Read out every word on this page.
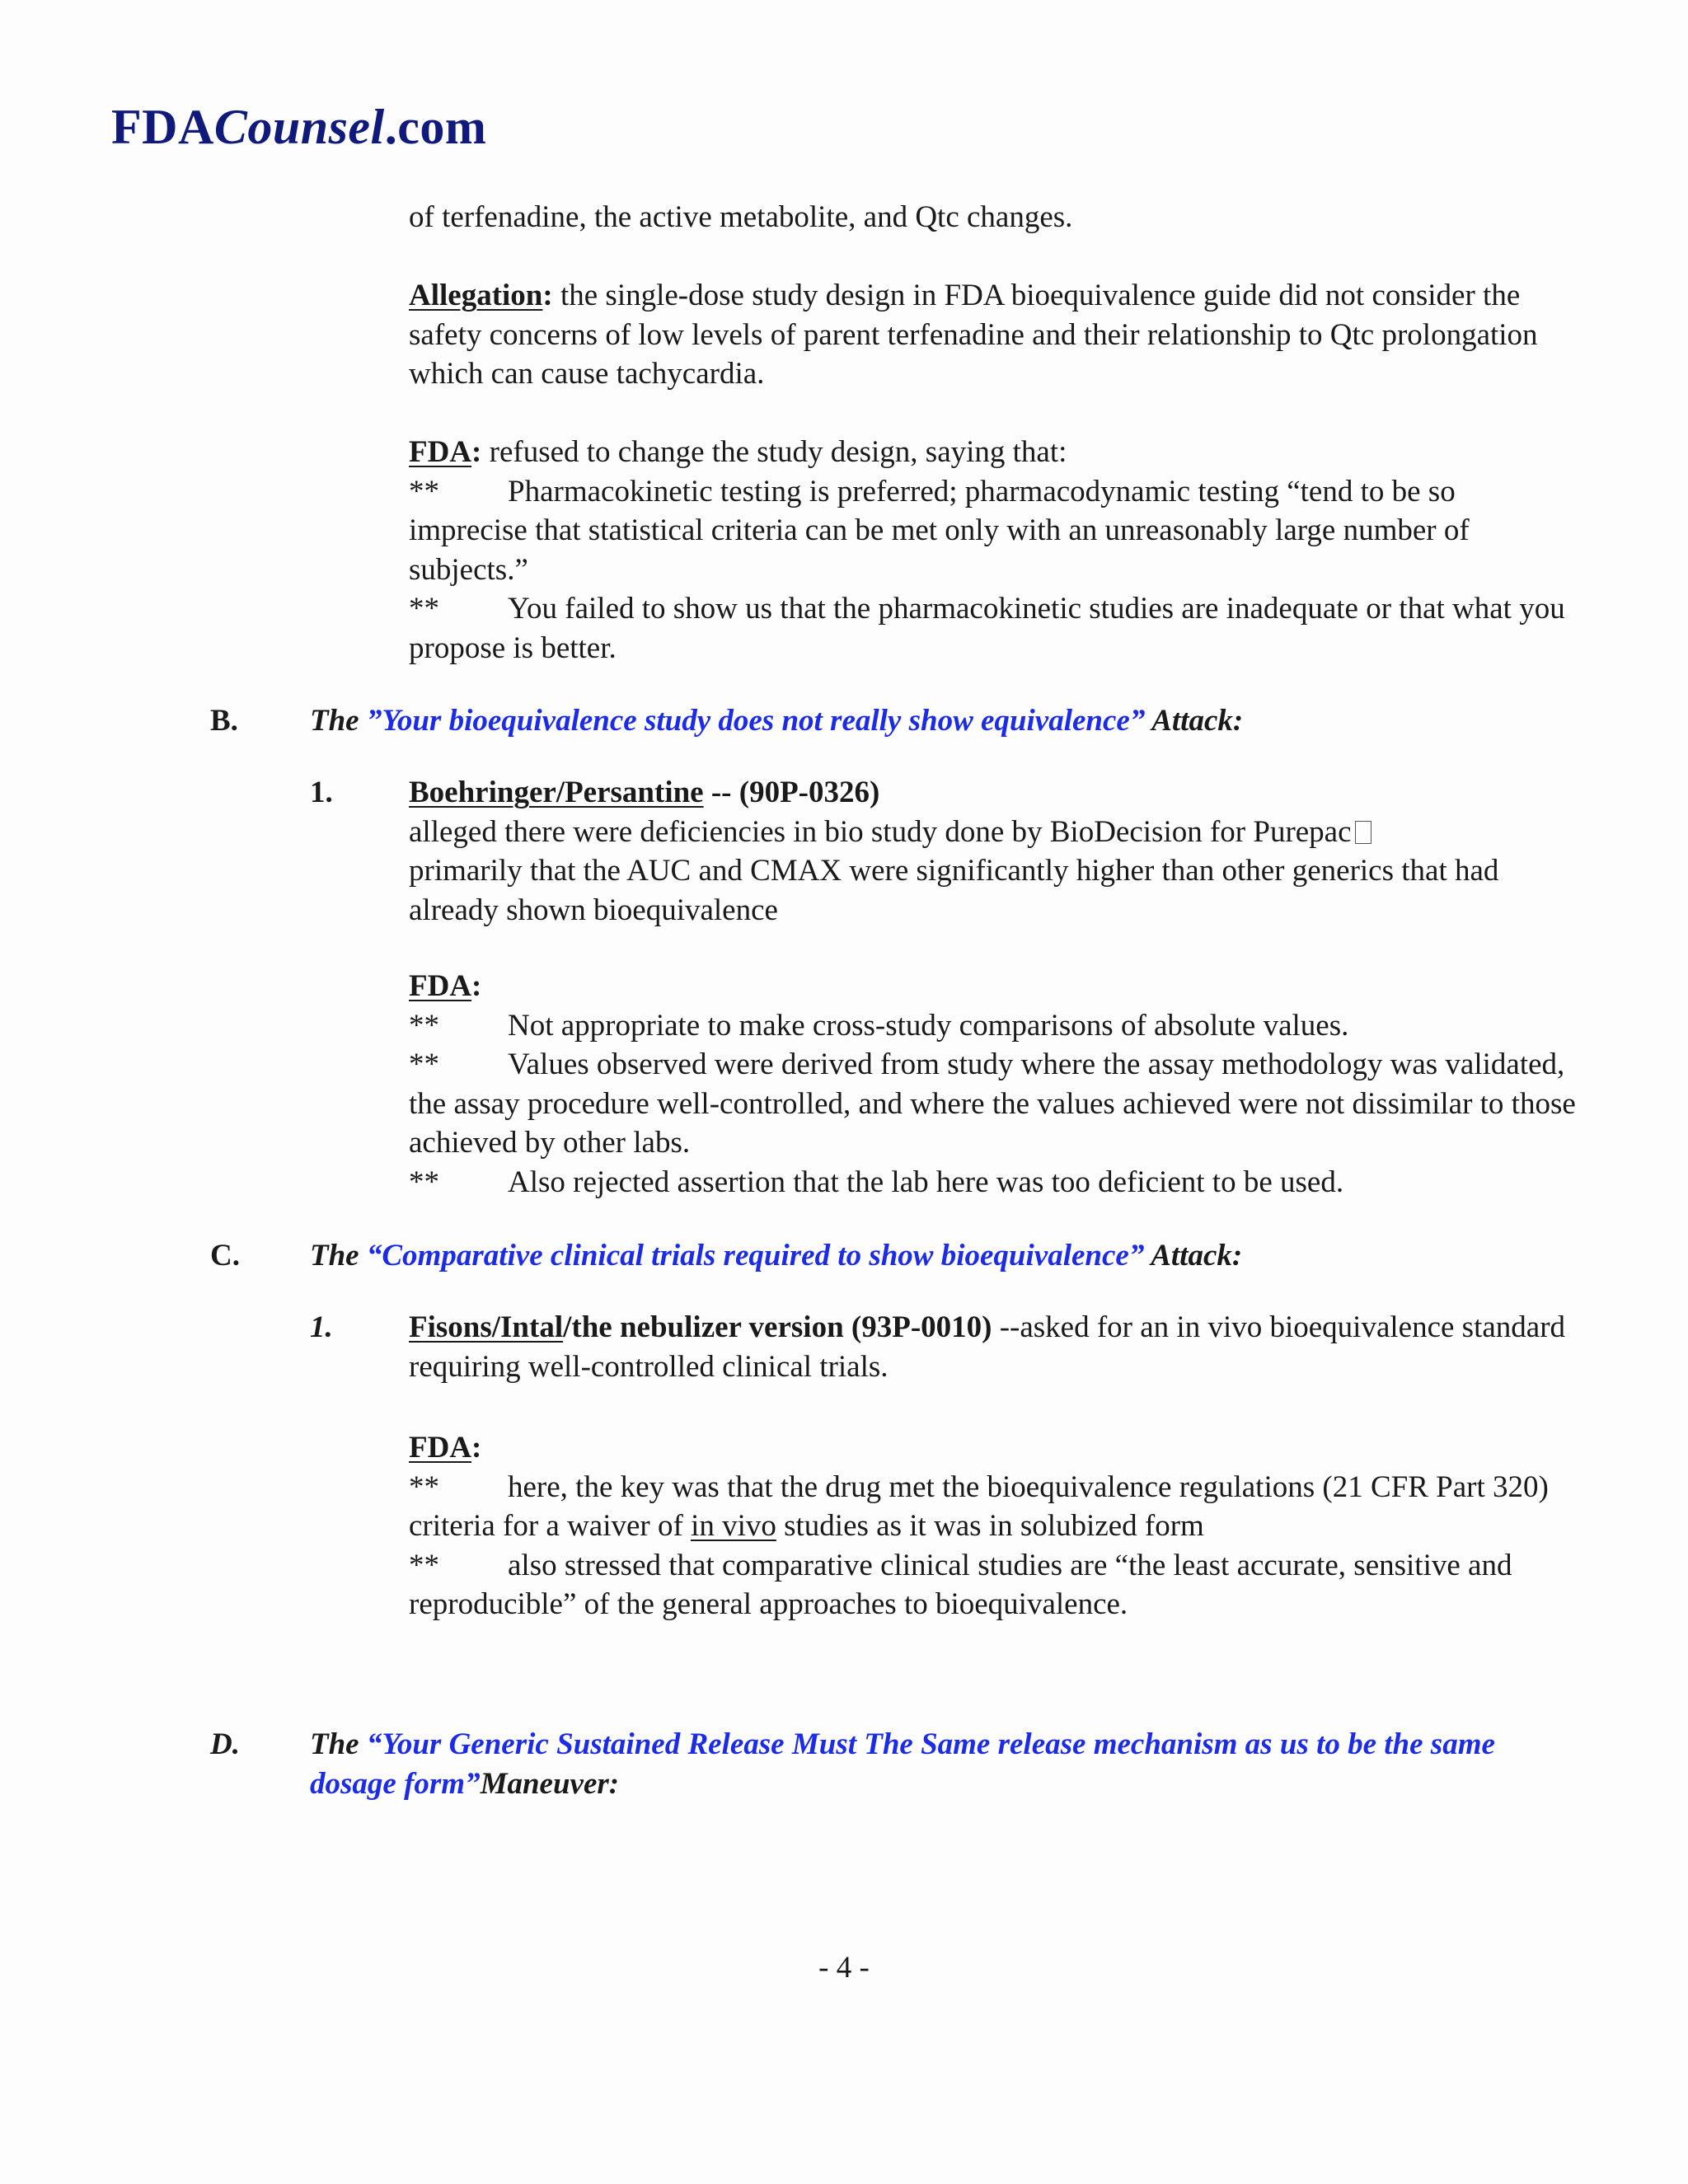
FDACounsel.com
of terfenadine, the active metabolite, and Qtc changes.
Allegation: the single-dose study design in FDA bioequivalence guide did not consider the safety concerns of low levels of parent terfenadine and their relationship to Qtc prolongation which can cause tachycardia.
FDA: refused to change the study design, saying that:
** Pharmacokinetic testing is preferred; pharmacodynamic testing “tend to be so imprecise that statistical criteria can be met only with an unreasonably large number of subjects.”
** You failed to show us that the pharmacokinetic studies are inadequate or that what you propose is better.
B. The ”Your bioequivalence study does not really show equivalence” Attack:
1. Boehringer/Persantine -- (90P-0326)
alleged there were deficiencies in bio study done by BioDecision for Purepac
primarily that the AUC and CMAX were significantly higher than other generics that had already shown bioequivalence
FDA:
** Not appropriate to make cross-study comparisons of absolute values.
** Values observed were derived from study where the assay methodology was validated, the assay procedure well-controlled, and where the values achieved were not dissimilar to those achieved by other labs.
** Also rejected assertion that the lab here was too deficient to be used.
C. The “Comparative clinical trials required to show bioequivalence” Attack:
1. Fisons/Intal/the nebulizer version (93P-0010) --asked for an in vivo bioequivalence standard requiring well-controlled clinical trials.
FDA:
** here, the key was that the drug met the bioequivalence regulations (21 CFR Part 320) criteria for a waiver of in vivo studies as it was in solubized form
** also stressed that comparative clinical studies are “the least accurate, sensitive and reproducible” of the general approaches to bioequivalence.
D. The “Your Generic Sustained Release Must The Same release mechanism as us to be the same dosage form”Maneuver:
- 4 -
